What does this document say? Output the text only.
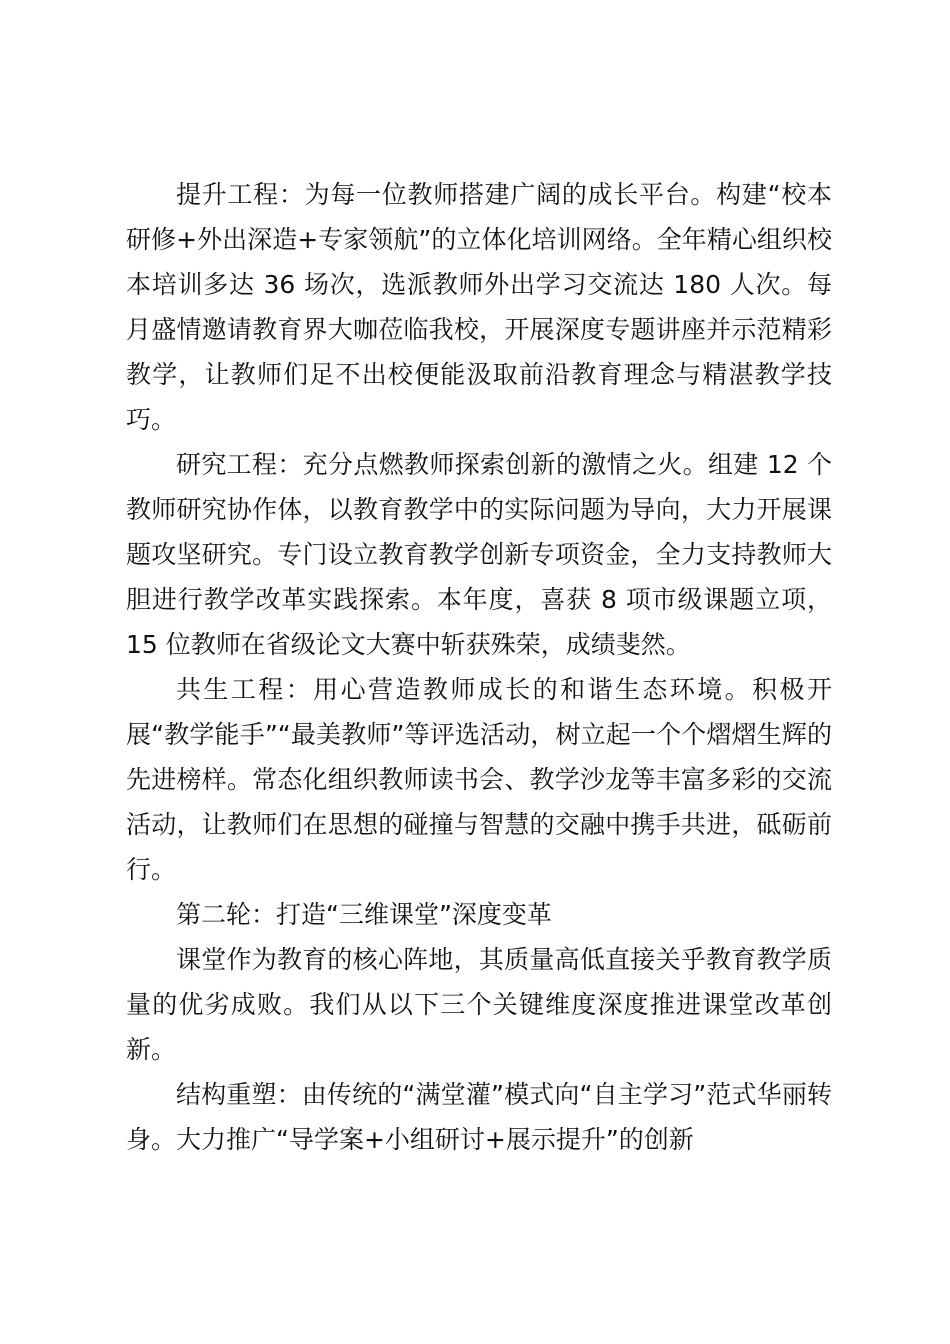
提升工程：为每一位教师搭建广阔的成长平台。构建“校本研修+外出深造+专家领航”的立体化培训网络。全年精心组织校本培训多达 36 场次，选派教师外出学习交流达 180 人次。每月盛情邀请教育界大咖莅临我校，开展深度专题讲座并示范精彩教学，让教师们足不出校便能汲取前沿教育理念与精湛教学技巧。

研究工程：充分点燃教师探索创新的激情之火。组建 12 个教师研究协作体，以教育教学中的实际问题为导向，大力开展课题攻坚研究。专门设立教育教学创新专项资金，全力支持教师大胆进行教学改革实践探索。本年度，喜获 8 项市级课题立项，15 位教师在省级论文大赛中斩获殊荣，成绩斐然。

共生工程：用心营造教师成长的和谐生态环境。积极开展“教学能手”“最美教师”等评选活动，树立起一个个熠熠生辉的先进榜样。常态化组织教师读书会、教学沙龙等丰富多彩的交流活动，让教师们在思想的碰撞与智慧的交融中携手共进，砥砺前行。

第二轮：打造“三维课堂”深度变革

课堂作为教育的核心阵地，其质量高低直接关乎教育教学质量的优劣成败。我们从以下三个关键维度深度推进课堂改革创新。

结构重塑：由传统的“满堂灌”模式向“自主学习”范式华丽转身。大力推广“导学案+小组研讨+展示提升”的创新
